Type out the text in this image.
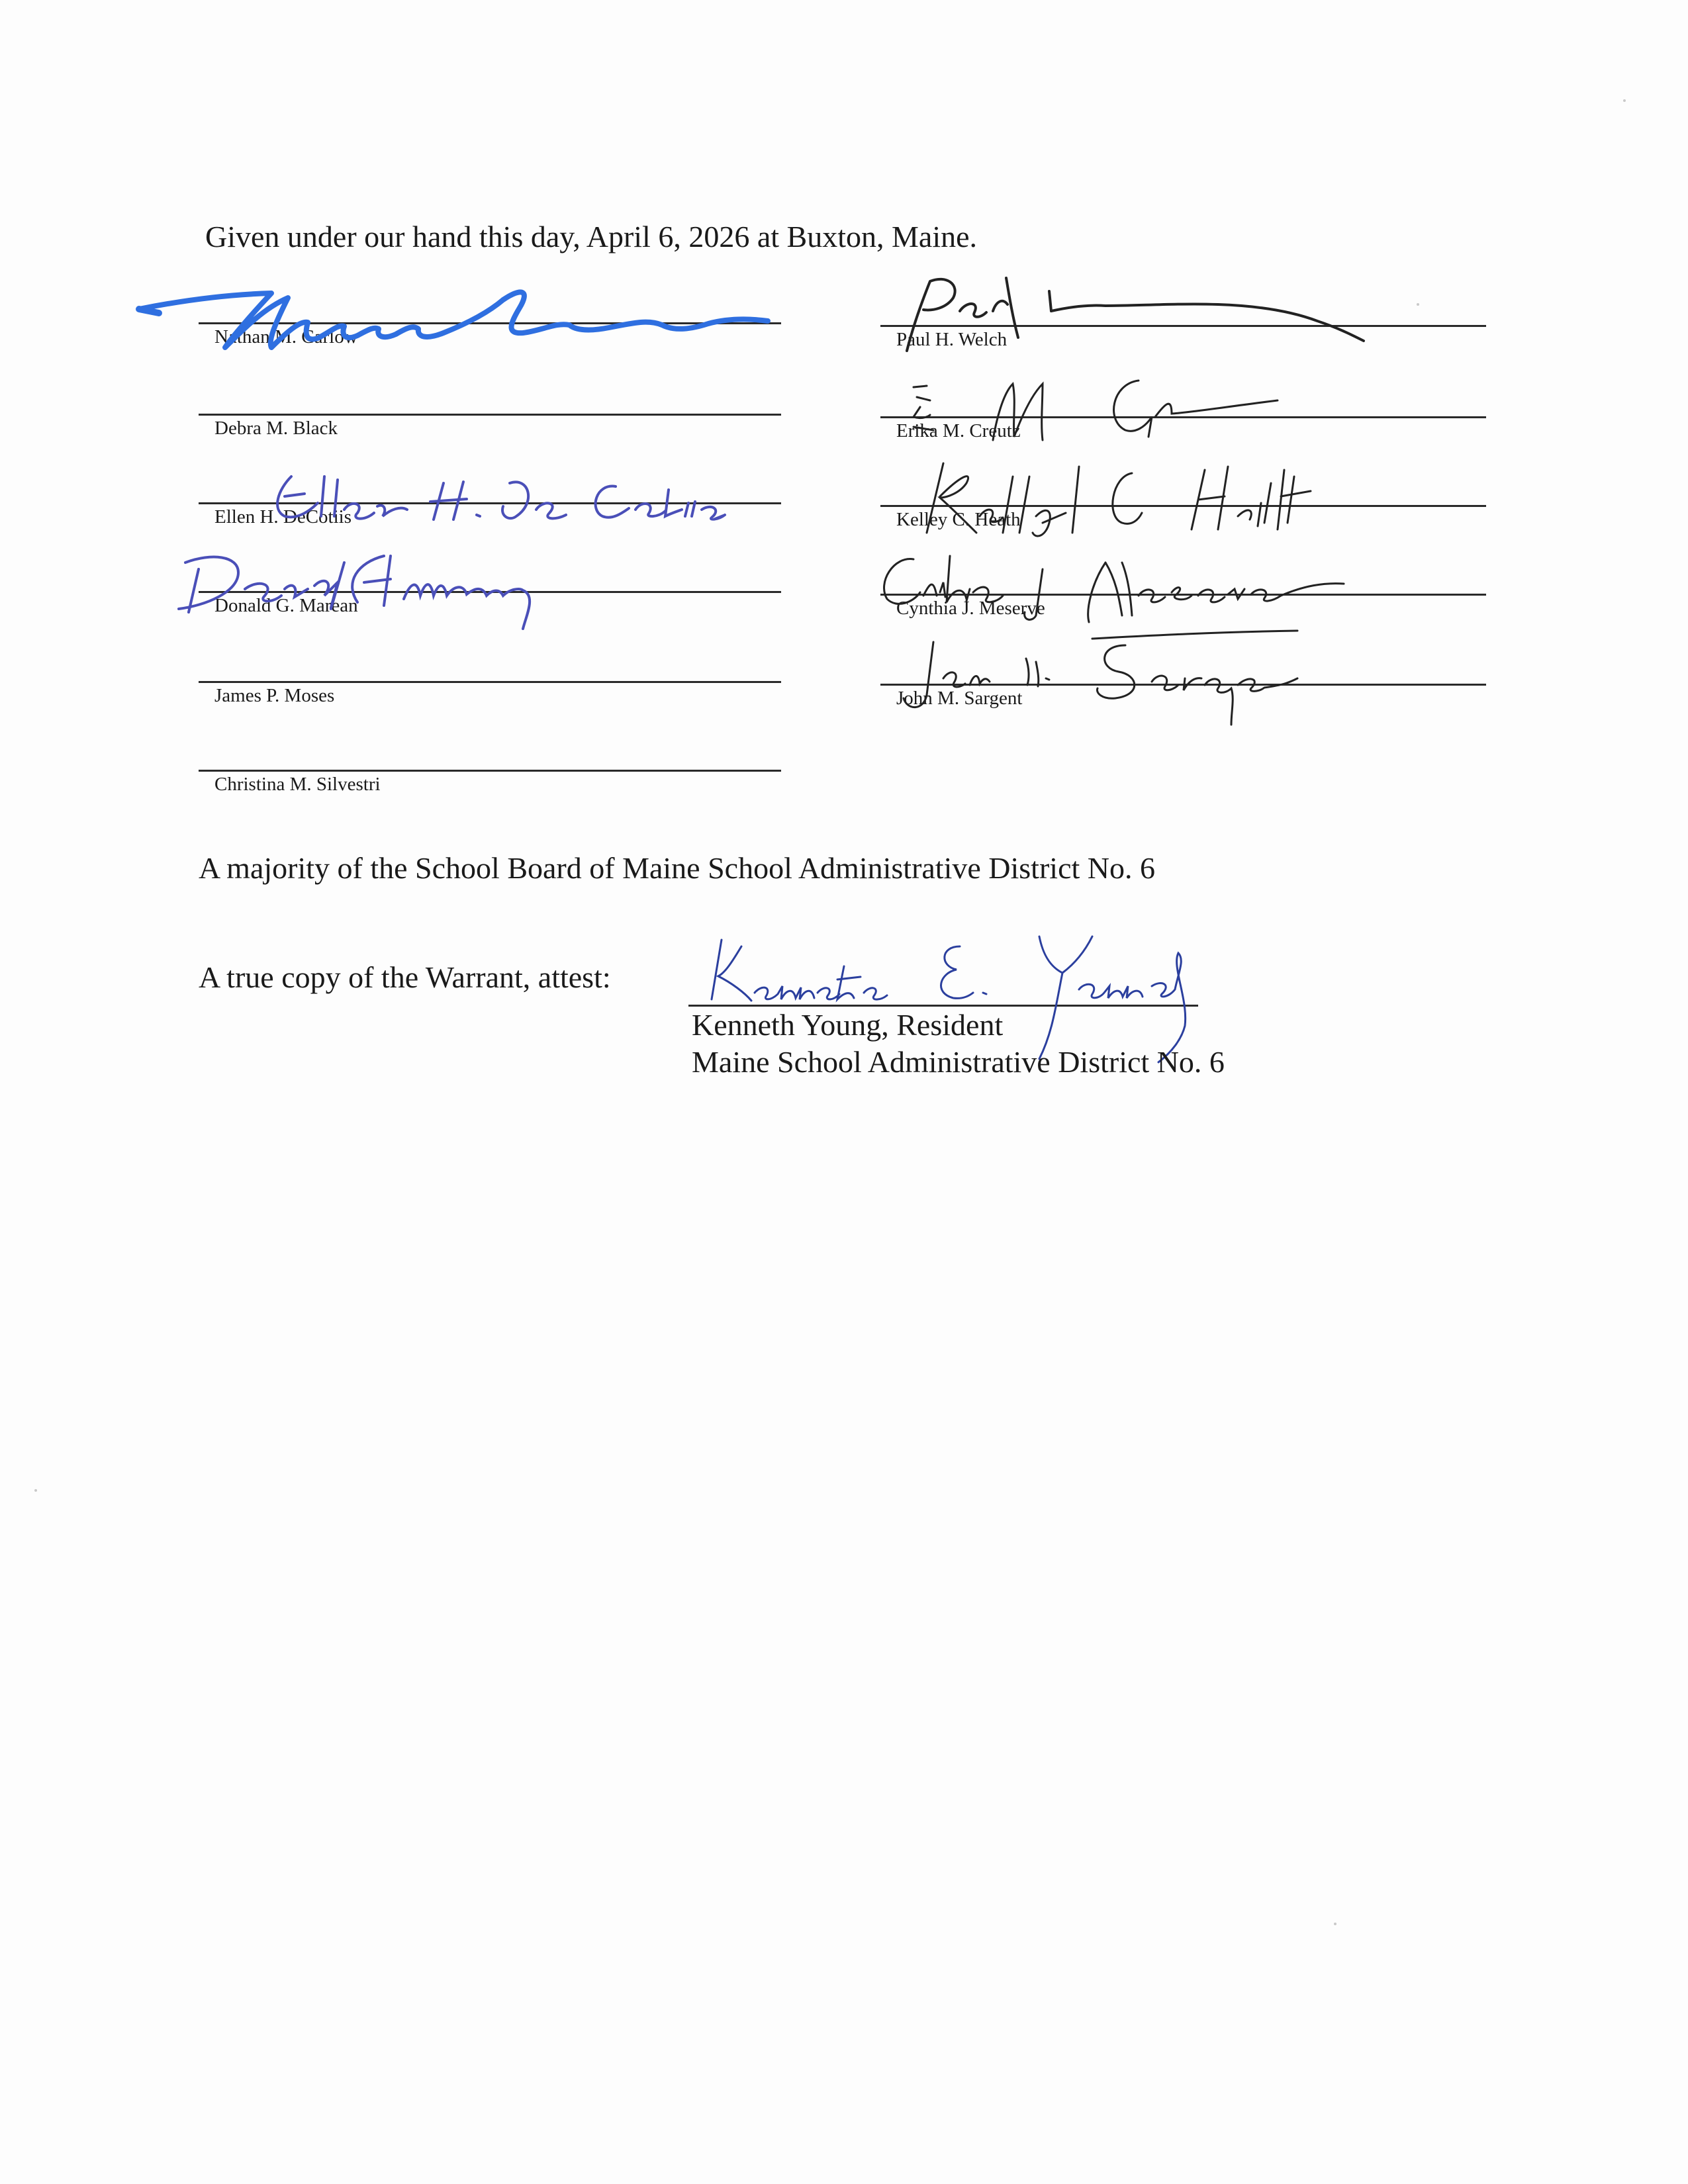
Given under our hand this day, April 6, 2026 at Buxton, Maine.
Nathan M. Carlow
Debra M. Black
Ellen H. DeCotiis
Donald G. Marean
James P. Moses
Christina M. Silvestri
Paul H. Welch
Erika M. Creutz
Kelley C. Heath
Cynthia J. Meserve
John M. Sargent
A majority of the School Board of Maine School Administrative District No. 6
A true copy of the Warrant, attest:
Kenneth Young, Resident
Maine School Administrative District No. 6
